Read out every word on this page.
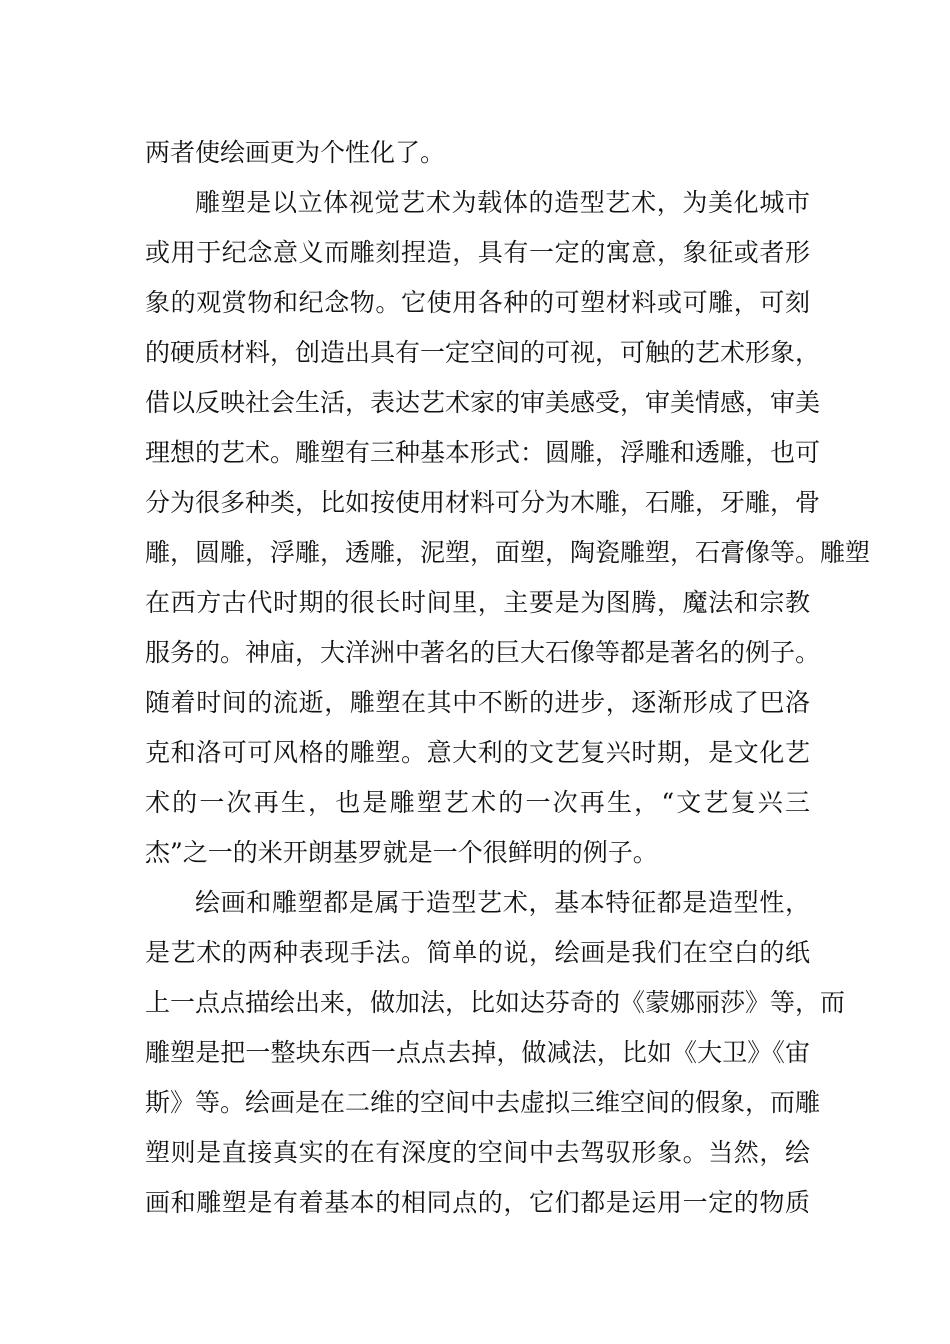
两者使绘画更为个性化了。
雕塑是以立体视觉艺术为载体的造型艺术，为美化城市
或用于纪念意义而雕刻捏造，具有一定的寓意，象征或者形
象的观赏物和纪念物。它使用各种的可塑材料或可雕，可刻
的硬质材料，创造出具有一定空间的可视，可触的艺术形象，
借以反映社会生活，表达艺术家的审美感受，审美情感，审美
理想的艺术。雕塑有三种基本形式：圆雕，浮雕和透雕，也可
分为很多种类，比如按使用材料可分为木雕，石雕，牙雕，骨
雕，圆雕，浮雕，透雕，泥塑，面塑，陶瓷雕塑，石膏像等。雕塑
在西方古代时期的很长时间里，主要是为图腾，魔法和宗教
服务的。神庙，大洋洲中著名的巨大石像等都是著名的例子。
随着时间的流逝，雕塑在其中不断的进步，逐渐形成了巴洛
克和洛可可风格的雕塑。意大利的文艺复兴时期，是文化艺
术的一次再生，也是雕塑艺术的一次再生，“文艺复兴三
杰”之一的米开朗基罗就是一个很鲜明的例子。
绘画和雕塑都是属于造型艺术，基本特征都是造型性，
是艺术的两种表现手法。简单的说，绘画是我们在空白的纸
上一点点描绘出来，做加法，比如达芬奇的《蒙娜丽莎》等，而
雕塑是把一整块东西一点点去掉，做减法，比如《大卫》《宙
斯》等。绘画是在二维的空间中去虚拟三维空间的假象，而雕
塑则是直接真实的在有深度的空间中去驾驭形象。当然，绘
画和雕塑是有着基本的相同点的，它们都是运用一定的物质
